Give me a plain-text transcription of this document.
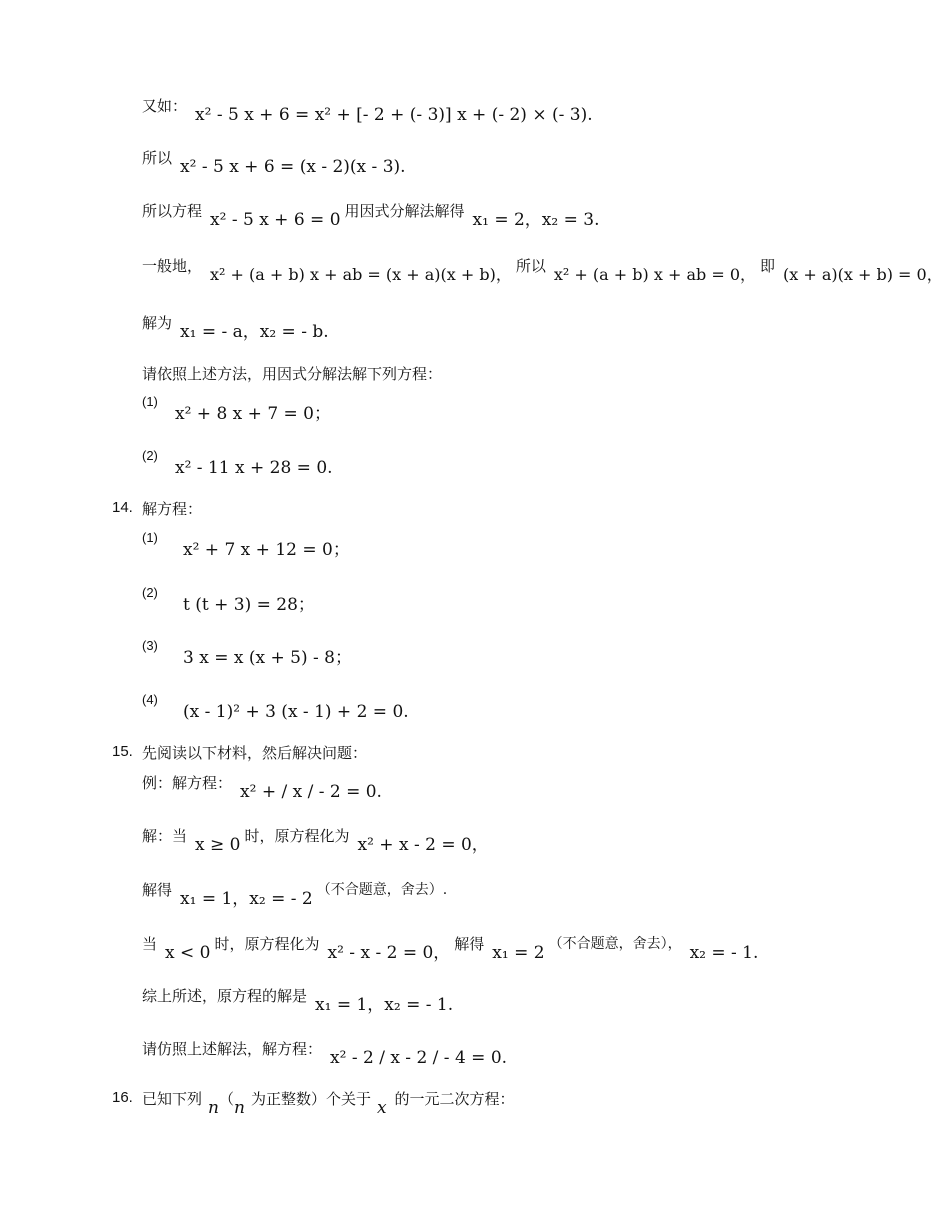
又如： x² - 5 x + 6 = x² + [- 2 + (- 3)] x + (- 2) × (- 3).
所以 x² - 5 x + 6 = (x - 2)(x - 3).
所以方程 x² - 5 x + 6 = 0 用因式分解法解得 x₁ = 2，x₂ = 3.
一般地， x² + (a + b) x + ab = (x + a)(x + b)， 所以 x² + (a + b) x + ab = 0， 即 (x + a)(x + b) = 0，
解为 x₁ = - a，x₂ = - b.
请依照上述方法，用因式分解法解下列方程：
(1)
x² + 8 x + 7 = 0；
(2)
x² - 11 x + 28 = 0.
14. 解方程：
(1)
x² + 7 x + 12 = 0；
(2)
t (t + 3) = 28；
(3)
3 x = x (x + 5) - 8；
(4)
(x - 1)² + 3 (x - 1) + 2 = 0.
15. 先阅读以下材料，然后解决问题：
例：解方程： x² + / x / - 2 = 0.
解：当 x ≥ 0 时，原方程化为 x² + x - 2 = 0，
解得 x₁ = 1，x₂ = - 2 （不合题意，舍去）.
当 x < 0 时，原方程化为 x² - x - 2 = 0， 解得 x₁ = 2 （不合题意，舍去）， x₂ = - 1.
综上所述，原方程的解是 x₁ = 1，x₂ = - 1.
请仿照上述解法，解方程： x² - 2 / x - 2 / - 4 = 0.
16. 已知下列 n （ n 为正整数）个关于 x 的一元二次方程：
